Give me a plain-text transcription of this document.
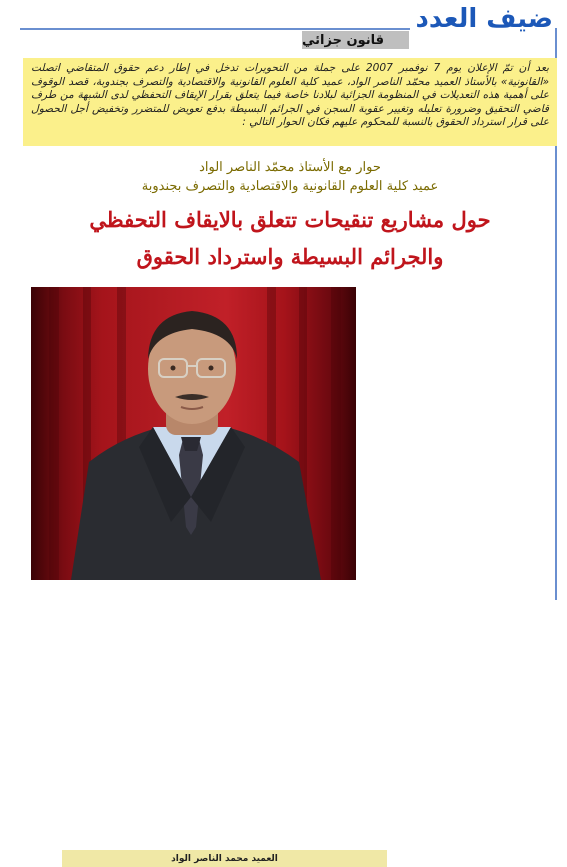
ضيف العدد
قانون جزائي
بعد أن تمّ الإعلان يوم 7 نوفمبر 2007 على جملة من التحويرات تدخل في إطار دعم حقوق المتقاضي اتصلت «القانونية» بالأستاذ العميد محمّد الناصر الواد، عميد كلية العلوم القانونية والاقتصادية والتصرف بجندوبة، قصد الوقوف على أهمية هذه التعديلات في المنظومة الجزائية لبلادنا خاصة فيما يتعلق بقرار الإيقاف التحفظي لدى الشبهة من طرف قاضي التحقيق وضرورة تعليله وتغيير عقوبة السجن في الجرائم البسيطة بدفع تعويض للمتضرر وتخفيض أجل الحصول على قرار استرداد الحقوق بالنسبة للمحكوم عليهم فكان الحوار التالي :
حوار مع الأستاذ محمّد الناصر الواد
عميد كلية العلوم القانونية والاقتصادية والتصرف بجندوبة
حول مشاريع تنقيحات تتعلق بالايقاف التحفظي
والجرائم البسيطة واسترداد الحقوق
العميد محمد الناصر الواد
